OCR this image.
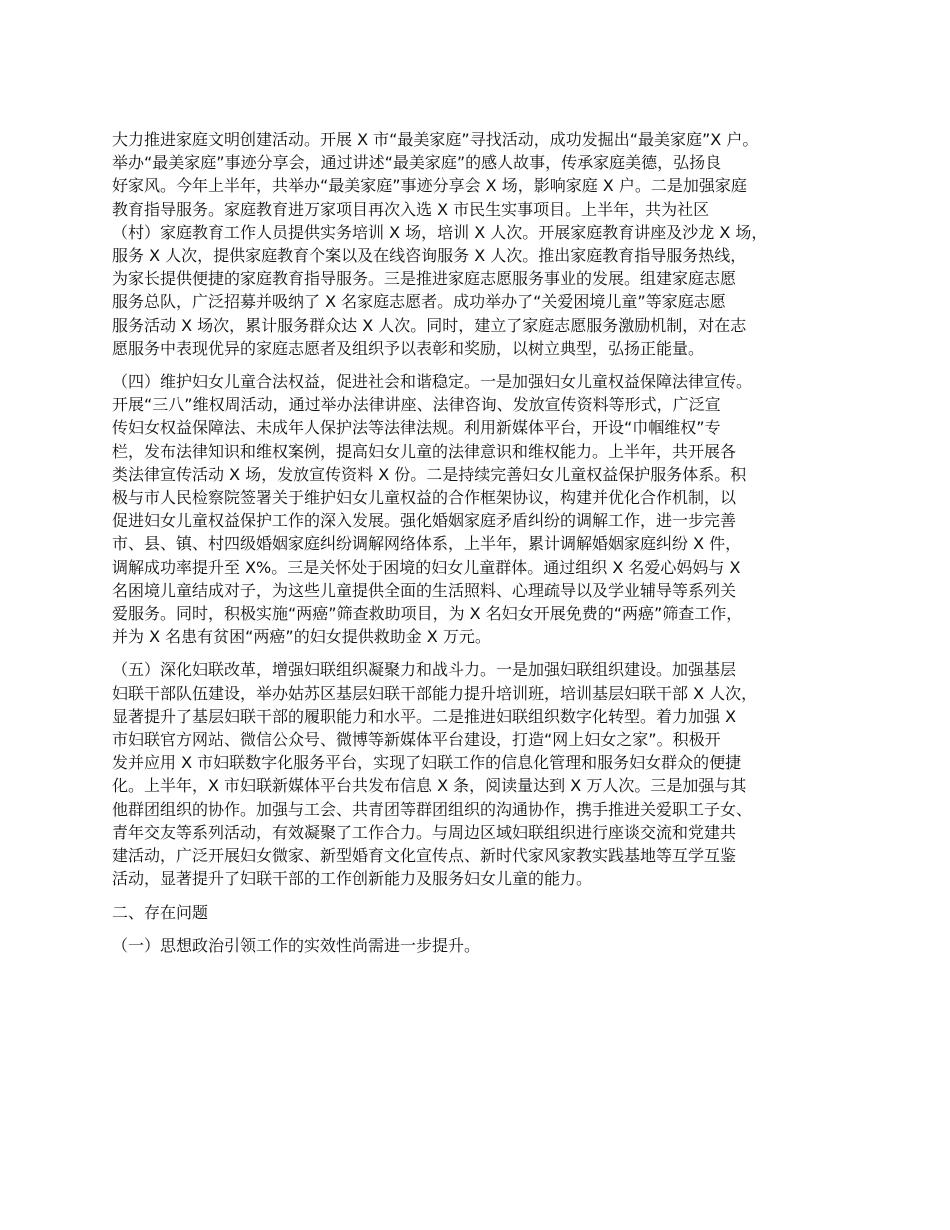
大力推进家庭文明创建活动。开展 X 市“最美家庭”寻找活动，成功发掘出“最美家庭”X 户。
举办“最美家庭”事迹分享会，通过讲述“最美家庭”的感人故事，传承家庭美德，弘扬良
好家风。今年上半年，共举办“最美家庭”事迹分享会 X 场，影响家庭 X 户。二是加强家庭
教育指导服务。家庭教育进万家项目再次入选 X 市民生实事项目。上半年，共为社区
（村）家庭教育工作人员提供实务培训 X 场，培训 X 人次。开展家庭教育讲座及沙龙 X 场，
服务 X 人次，提供家庭教育个案以及在线咨询服务 X 人次。推出家庭教育指导服务热线，
为家长提供便捷的家庭教育指导服务。三是推进家庭志愿服务事业的发展。组建家庭志愿
服务总队，广泛招募并吸纳了 X 名家庭志愿者。成功举办了“关爱困境儿童”等家庭志愿
服务活动 X 场次，累计服务群众达 X 人次。同时，建立了家庭志愿服务激励机制，对在志
愿服务中表现优异的家庭志愿者及组织予以表彰和奖励，以树立典型，弘扬正能量。

（四）维护妇女儿童合法权益，促进社会和谐稳定。一是加强妇女儿童权益保障法律宣传。
开展“三八”维权周活动，通过举办法律讲座、法律咨询、发放宣传资料等形式，广泛宣
传妇女权益保障法、未成年人保护法等法律法规。利用新媒体平台，开设“巾帼维权”专
栏，发布法律知识和维权案例，提高妇女儿童的法律意识和维权能力。上半年，共开展各
类法律宣传活动 X 场，发放宣传资料 X 份。二是持续完善妇女儿童权益保护服务体系。积
极与市人民检察院签署关于维护妇女儿童权益的合作框架协议，构建并优化合作机制，以
促进妇女儿童权益保护工作的深入发展。强化婚姻家庭矛盾纠纷的调解工作，进一步完善
市、县、镇、村四级婚姻家庭纠纷调解网络体系，上半年，累计调解婚姻家庭纠纷 X 件，
调解成功率提升至 X%。三是关怀处于困境的妇女儿童群体。通过组织 X 名爱心妈妈与 X
名困境儿童结成对子，为这些儿童提供全面的生活照料、心理疏导以及学业辅导等系列关
爱服务。同时，积极实施“两癌”筛查救助项目，为 X 名妇女开展免费的“两癌”筛查工作，
并为 X 名患有贫困“两癌”的妇女提供救助金 X 万元。

（五）深化妇联改革，增强妇联组织凝聚力和战斗力。一是加强妇联组织建设。加强基层
妇联干部队伍建设，举办姑苏区基层妇联干部能力提升培训班，培训基层妇联干部 X 人次，
显著提升了基层妇联干部的履职能力和水平。二是推进妇联组织数字化转型。着力加强 X
市妇联官方网站、微信公众号、微博等新媒体平台建设，打造“网上妇女之家”。积极开
发并应用 X 市妇联数字化服务平台，实现了妇联工作的信息化管理和服务妇女群众的便捷
化。上半年，X 市妇联新媒体平台共发布信息 X 条，阅读量达到 X 万人次。三是加强与其
他群团组织的协作。加强与工会、共青团等群团组织的沟通协作，携手推进关爱职工子女、
青年交友等系列活动，有效凝聚了工作合力。与周边区域妇联组织进行座谈交流和党建共
建活动，广泛开展妇女微家、新型婚育文化宣传点、新时代家风家教实践基地等互学互鉴
活动，显著提升了妇联干部的工作创新能力及服务妇女儿童的能力。

二、存在问题

（一）思想政治引领工作的实效性尚需进一步提升。
